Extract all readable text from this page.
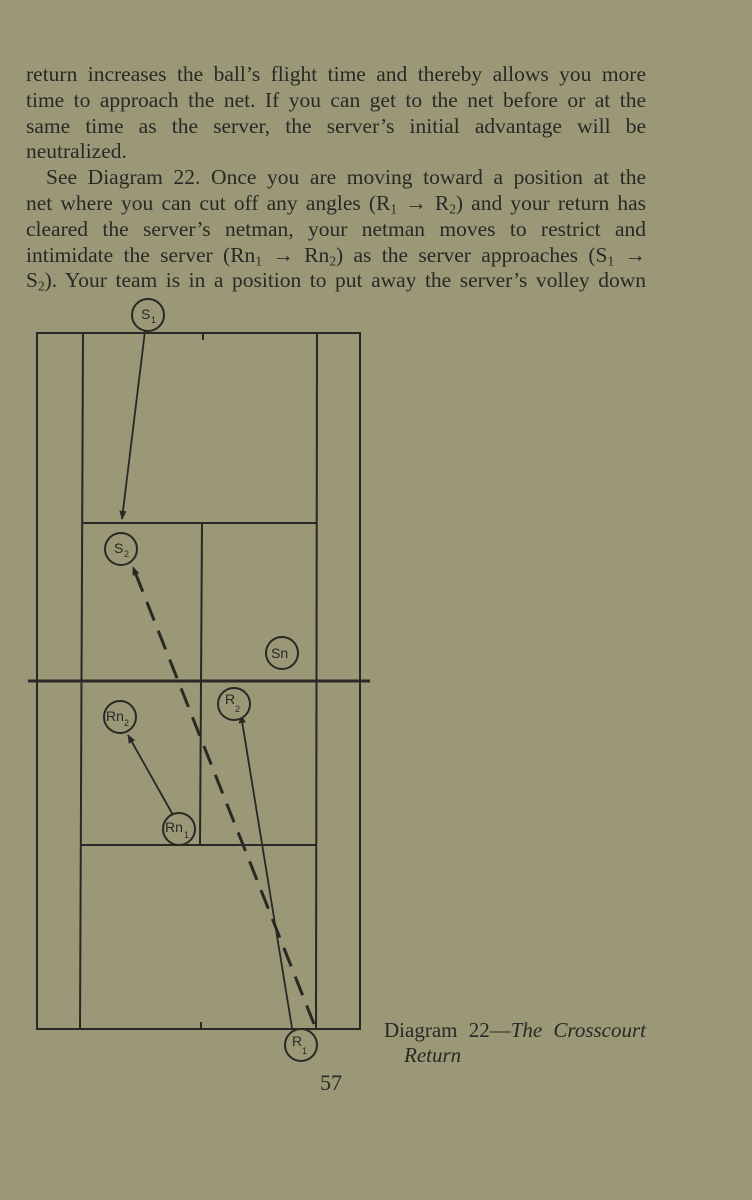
return increases the ball’s flight time and thereby allows you more
time to approach the net. If you can get to the net before or at the
same time as the server, the server’s initial advantage will be
neutralized.

See Diagram 22. Once you are moving toward a position at the
net where you can cut off any angles $(R_1 \to R_2)$ and your return has
cleared the server’s netman, your netman moves to restrict and
intimidate the server $(Rn_1 \to Rn_2)$ as the server approaches ($S_1$ →
$S_2$). Your team is in a position to put away the server’s volley down

S 1
S 2
Sn
R
2
Rn 2
Rn 1
R
1
Diagram 22—The Crosscourt
Return
57
